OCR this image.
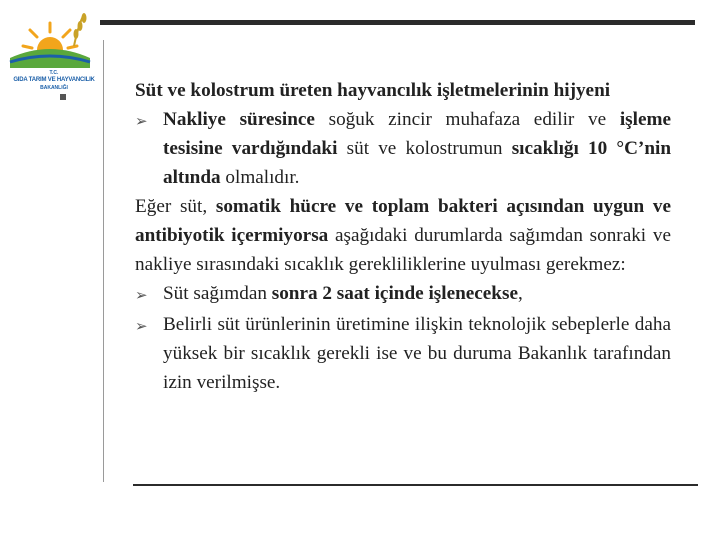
T.C.
GIDA TARIM VE HAYVANCILIK
BAKANLIĞI	Süt ve kolostrum üreten hayvancılık işletmelerinin hijyeni

➢ Nakliye süresince soğuk zincir muhafaza edilir ve işleme tesisine vardığındaki süt ve kolostrumun sıcaklığı 10 °C’nin altında olmalıdır.

Eğer süt, somatik hücre ve toplam bakteri açısından uygun ve antibiyotik içermiyorsa aşağıdaki durumlarda sağımdan sonraki ve nakliye sırasındaki sıcaklık gerekliliklerine uyulması gerekmez:

➢ Süt sağımdan sonra 2 saat içinde işlenecekse,
➢ Belirli süt ürünlerinin üretimine ilişkin teknolojik sebeplerle daha yüksek bir sıcaklık gerekli ise ve bu duruma Bakanlık tarafından izin verilmişse.
